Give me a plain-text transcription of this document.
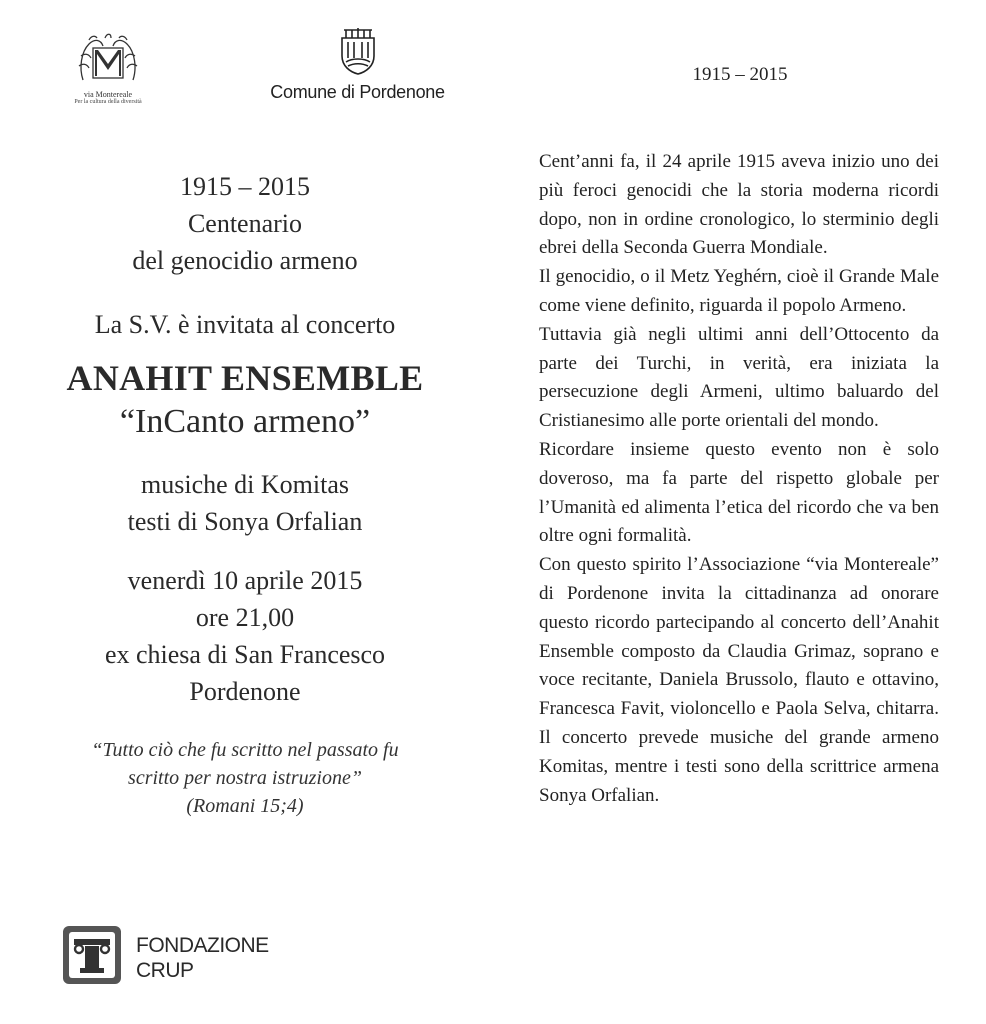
via Montereale
Per la cultura della diversità	Comune di Pordenone
1915 – 2015
1915 – 2015
Centenario
del genocidio armeno
La S.V. è invitata al concerto
ANAHIT ENSEMBLE
“InCanto armeno”
musiche di Komitas
testi di Sonya Orfalian
venerdì 10 aprile 2015
ore 21,00
ex chiesa di San Francesco
Pordenone
“Tutto ciò che fu scritto nel passato fu
scritto per nostra istruzione”
(Romani 15;4)
FONDAZIONE
CRUP

Cent’anni fa, il 24 aprile 1915 aveva inizio uno dei più feroci genocidi che la storia moderna ricordi dopo, non in ordine cronologico, lo sterminio degli ebrei della Seconda Guerra Mondiale.

Il genocidio, o il Metz Yeghérn, cioè il Grande Male come viene definito, riguarda il popolo Armeno.

Tuttavia già negli ultimi anni dell’Ottocento da parte dei Turchi, in verità, era iniziata la persecuzione degli Armeni, ultimo baluardo del Cristianesimo alle porte orientali del mondo.

Ricordare insieme questo evento non è solo doveroso, ma fa parte del rispetto globale per l’Umanità ed alimenta l’etica del ricordo che va ben oltre ogni formalità.

Con questo spirito l’Associazione “via Montereale” di Pordenone invita la cittadinanza ad onorare questo ricordo partecipando al concerto dell’Anahit Ensemble composto da Claudia Grimaz, soprano e voce recitante, Daniela Brussolo, flauto e ottavino, Francesca Favit, violoncello e Paola Selva, chitarra. Il concerto prevede musiche del grande armeno Komitas, mentre i testi sono della scrittrice armena Sonya Orfalian.
